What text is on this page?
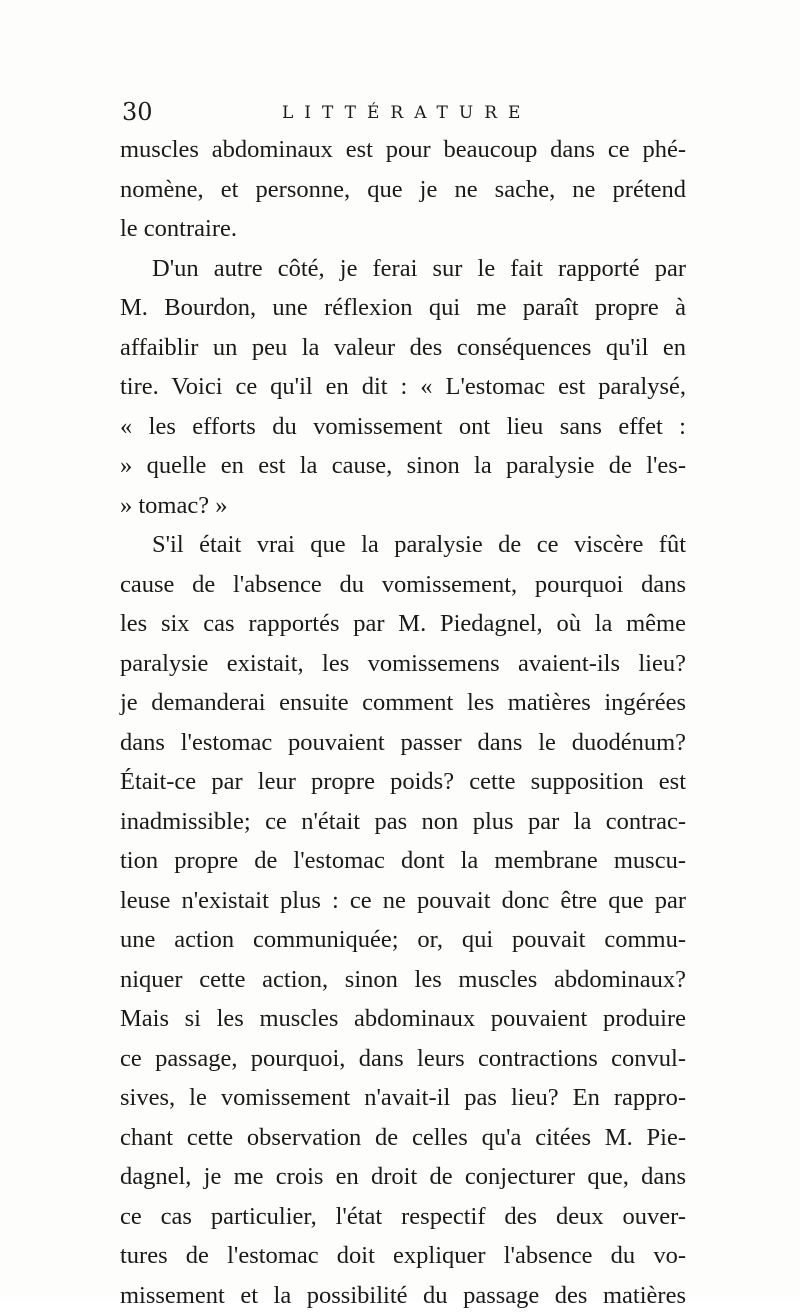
30	LITTÉRATURE
muscles abdominaux est pour beaucoup dans ce phé-
nomène, et personne, que je ne sache, ne prétend
le contraire.
D'un autre côté, je ferai sur le fait rapporté par
M. Bourdon, une réflexion qui me paraît propre à
affaiblir un peu la valeur des conséquences qu'il en
tire. Voici ce qu'il en dit : « L'estomac est paralysé,
« les efforts du vomissement ont lieu sans effet :
» quelle en est la cause, sinon la paralysie de l'es-
» tomac? »
S'il était vrai que la paralysie de ce viscère fût
cause de l'absence du vomissement, pourquoi dans
les six cas rapportés par M. Piedagnel, où la même
paralysie existait, les vomissemens avaient-ils lieu?
je demanderai ensuite comment les matières ingérées
dans l'estomac pouvaient passer dans le duodénum?
Était-ce par leur propre poids? cette supposition est
inadmissible; ce n'était pas non plus par la contrac-
tion propre de l'estomac dont la membrane muscu-
leuse n'existait plus : ce ne pouvait donc être que par
une action communiquée; or, qui pouvait commu-
niquer cette action, sinon les muscles abdominaux?
Mais si les muscles abdominaux pouvaient produire
ce passage, pourquoi, dans leurs contractions convul-
sives, le vomissement n'avait-il pas lieu? En rappro-
chant cette observation de celles qu'a citées M. Pie-
dagnel, je me crois en droit de conjecturer que, dans
ce cas particulier, l'état respectif des deux ouver-
tures de l'estomac doit expliquer l'absence du vo-
missement et la possibilité du passage des matières
